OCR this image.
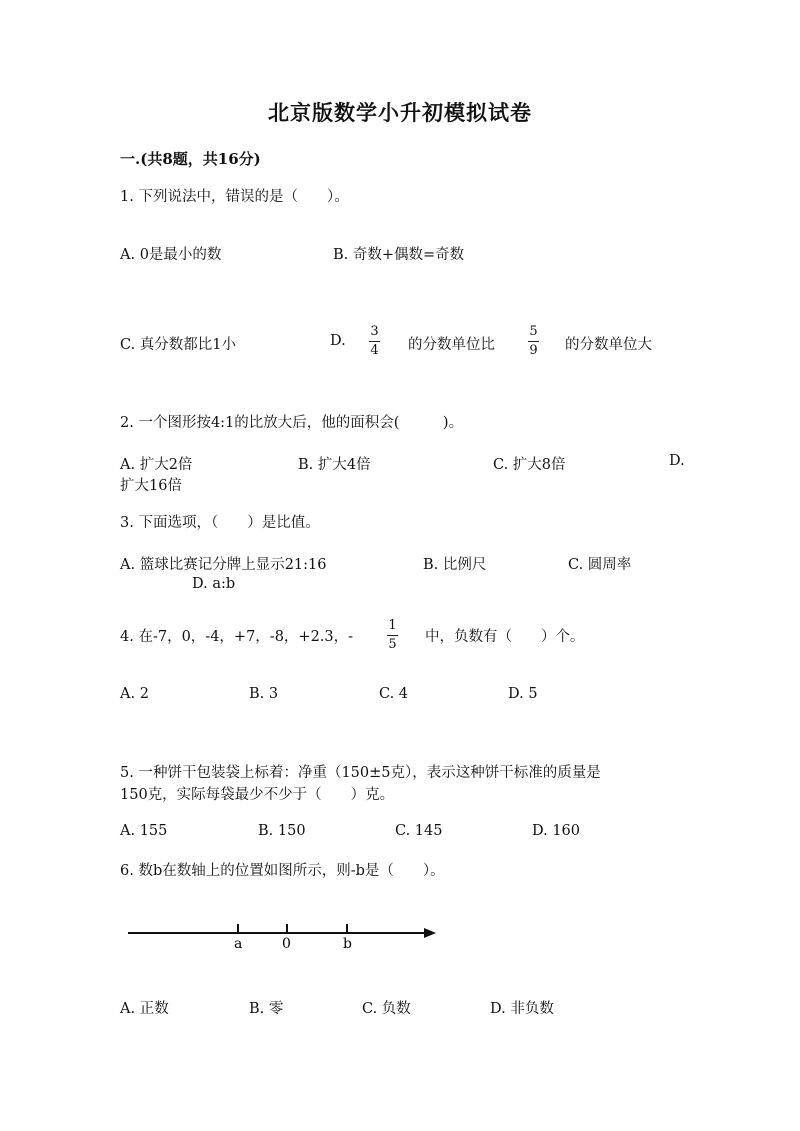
北京版数学小升初模拟试卷
一.(共8题，共16分)
1. 下列说法中，错误的是（　　）。
A. 0是最小的数	B. 奇数+偶数=奇数
C. 真分数都比1小	D.
3
4 的分数单位比
5
9 的分数单位大
2. 一个图形按4:1的比放大后，他的面积会(　　　)。
A. 扩大2倍	B. 扩大4倍	C. 扩大8倍	D.
扩大16倍
3. 下面选项，（　　）是比值。
A. 篮球比赛记分牌上显示21:16	B. 比例尺	C. 圆周率
D. a:b
4. 在-7，0，-4，+7，-8，+2.3，-
1
5 中，负数有（　　）个。
A. 2	B. 3	C. 4	D. 5
5. 一种饼干包装袋上标着：净重（150±5克），表示这种饼干标准的质量是
150克，实际每袋最少不少于（　　）克。
A. 155	B. 150	C. 145	D. 160
6. 数b在数轴上的位置如图所示，则-b是（　　）。
a	0	b
A. 正数	B. 零	C. 负数	D. 非负数
